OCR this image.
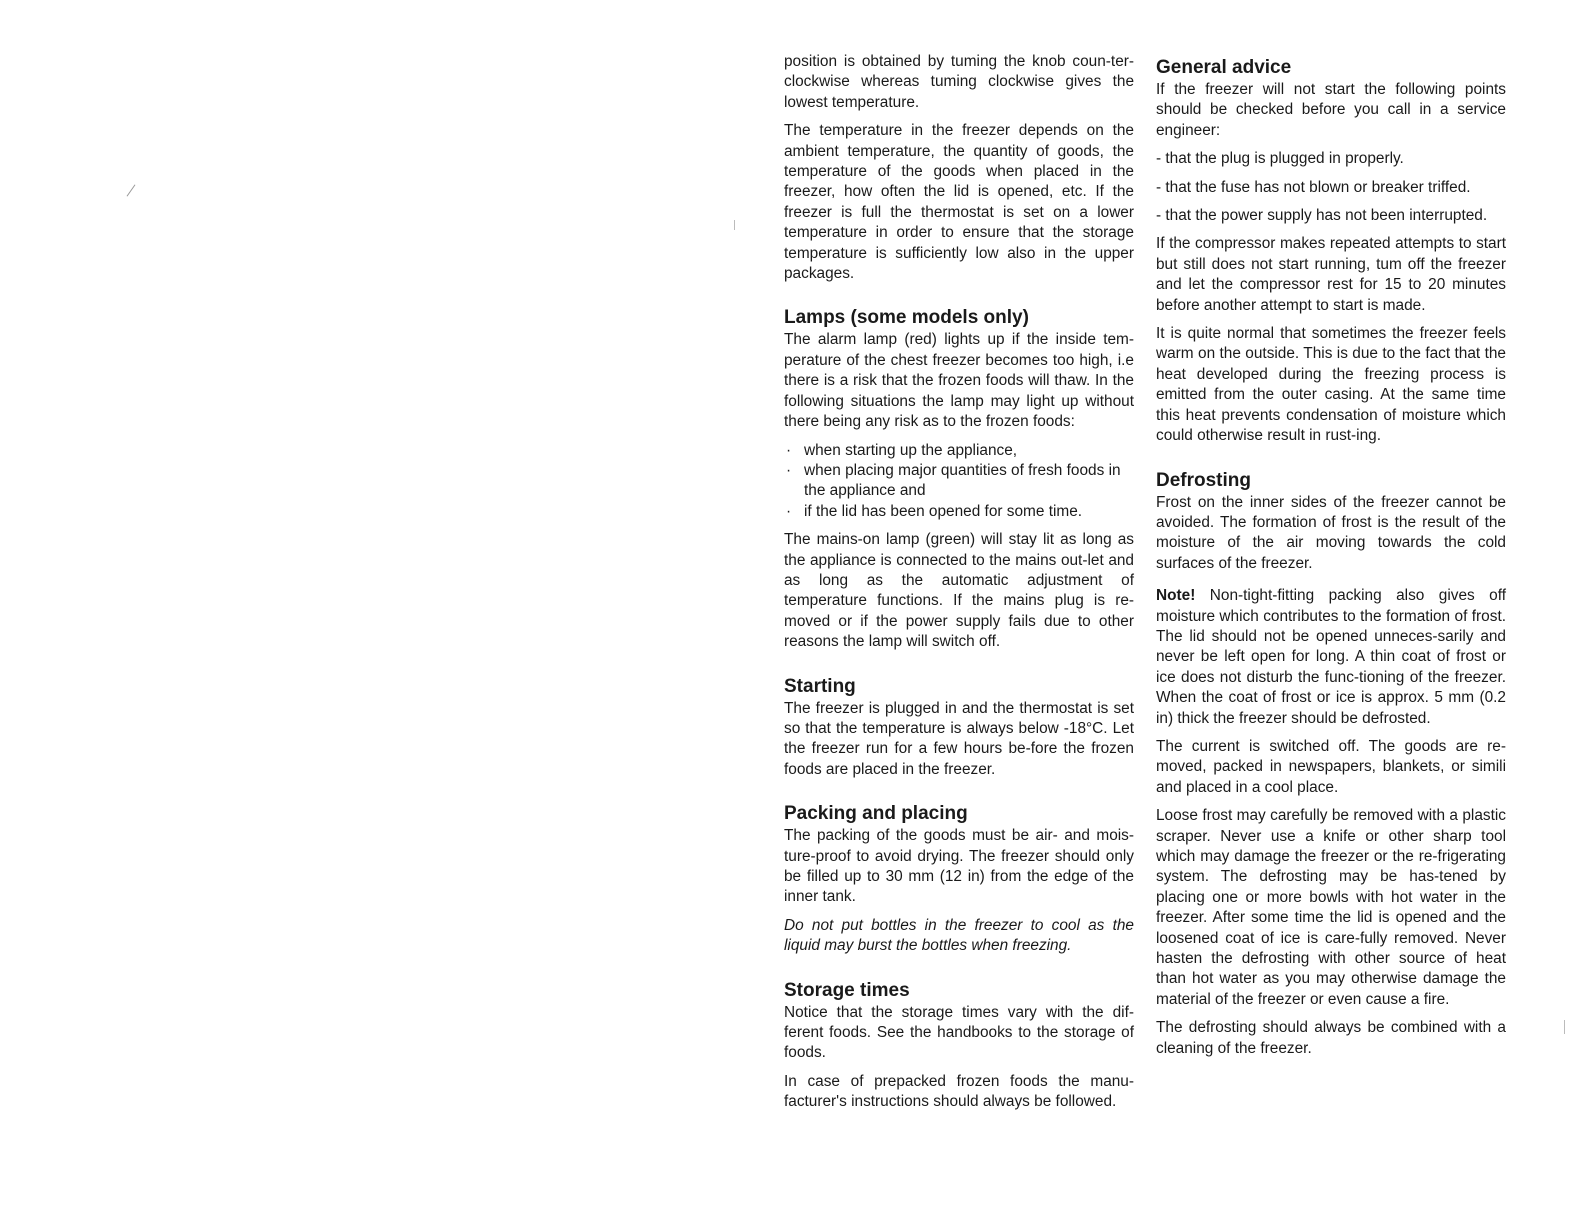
position is obtained by tuming the knob coun-ter-clockwise whereas tuming clockwise gives the lowest temperature.

The temperature in the freezer depends on the ambient temperature, the quantity of goods, the temperature of the goods when placed in the freezer, how often the lid is opened, etc. If the freezer is full the thermostat is set on a lower temperature in order to ensure that the storage temperature is sufficiently low also in the upper packages.

Lamps (some models only)

The alarm lamp (red) lights up if the inside tem-perature of the chest freezer becomes too high, i.e there is a risk that the frozen foods will thaw. In the following situations the lamp may light up without there being any risk as to the frozen foods:

· when starting up the appliance,
· when placing major quantities of fresh foods in the appliance and
· if the lid has been opened for some time.

The mains-on lamp (green) will stay lit as long as the appliance is connected to the mains out-let and as long as the automatic adjustment of temperature functions. If the mains plug is re-moved or if the power supply fails due to other reasons the lamp will switch off.

Starting

The freezer is plugged in and the thermostat is set so that the temperature is always below -18°C. Let the freezer run for a few hours be-fore the frozen foods are placed in the freezer.

Packing and placing

The packing of the goods must be air- and mois-ture-proof to avoid drying. The freezer should only be filled up to 30 mm (12 in) from the edge of the inner tank.

Do not put bottles in the freezer to cool as the liquid may burst the bottles when freezing.

Storage times

Notice that the storage times vary with the dif-ferent foods. See the handbooks to the storage of foods.

In case of prepacked frozen foods the manu-facturer's instructions should always be followed.

General advice

If the freezer will not start the following points should be checked before you call in a service engineer:

- that the plug is plugged in properly.
- that the fuse has not blown or breaker triffed.
- that the power supply has not been interrupted.

If the compressor makes repeated attempts to start but still does not start running, tum off the freezer and let the compressor rest for 15 to 20 minutes before another attempt to start is made.

It is quite normal that sometimes the freezer feels warm on the outside. This is due to the fact that the heat developed during the freezing process is emitted from the outer casing. At the same time this heat prevents condensation of moisture which could otherwise result in rust-ing.

Defrosting

Frost on the inner sides of the freezer cannot be avoided. The formation of frost is the result of the moisture of the air moving towards the cold surfaces of the freezer.

Note! Non-tight-fitting packing also gives off moisture which contributes to the formation of frost. The lid should not be opened unneces-sarily and never be left open for long. A thin coat of frost or ice does not disturb the func-tioning of the freezer. When the coat of frost or ice is approx. 5 mm (0.2 in) thick the freezer should be defrosted.

The current is switched off. The goods are re-moved, packed in newspapers, blankets, or simili and placed in a cool place.

Loose frost may carefully be removed with a plastic scraper. Never use a knife or other sharp tool which may damage the freezer or the re-frigerating system. The defrosting may be has-tened by placing one or more bowls with hot water in the freezer. After some time the lid is opened and the loosened coat of ice is care-fully removed. Never hasten the defrosting with other source of heat than hot water as you may otherwise damage the material of the freezer or even cause a fire.

The defrosting should always be combined with a cleaning of the freezer.
